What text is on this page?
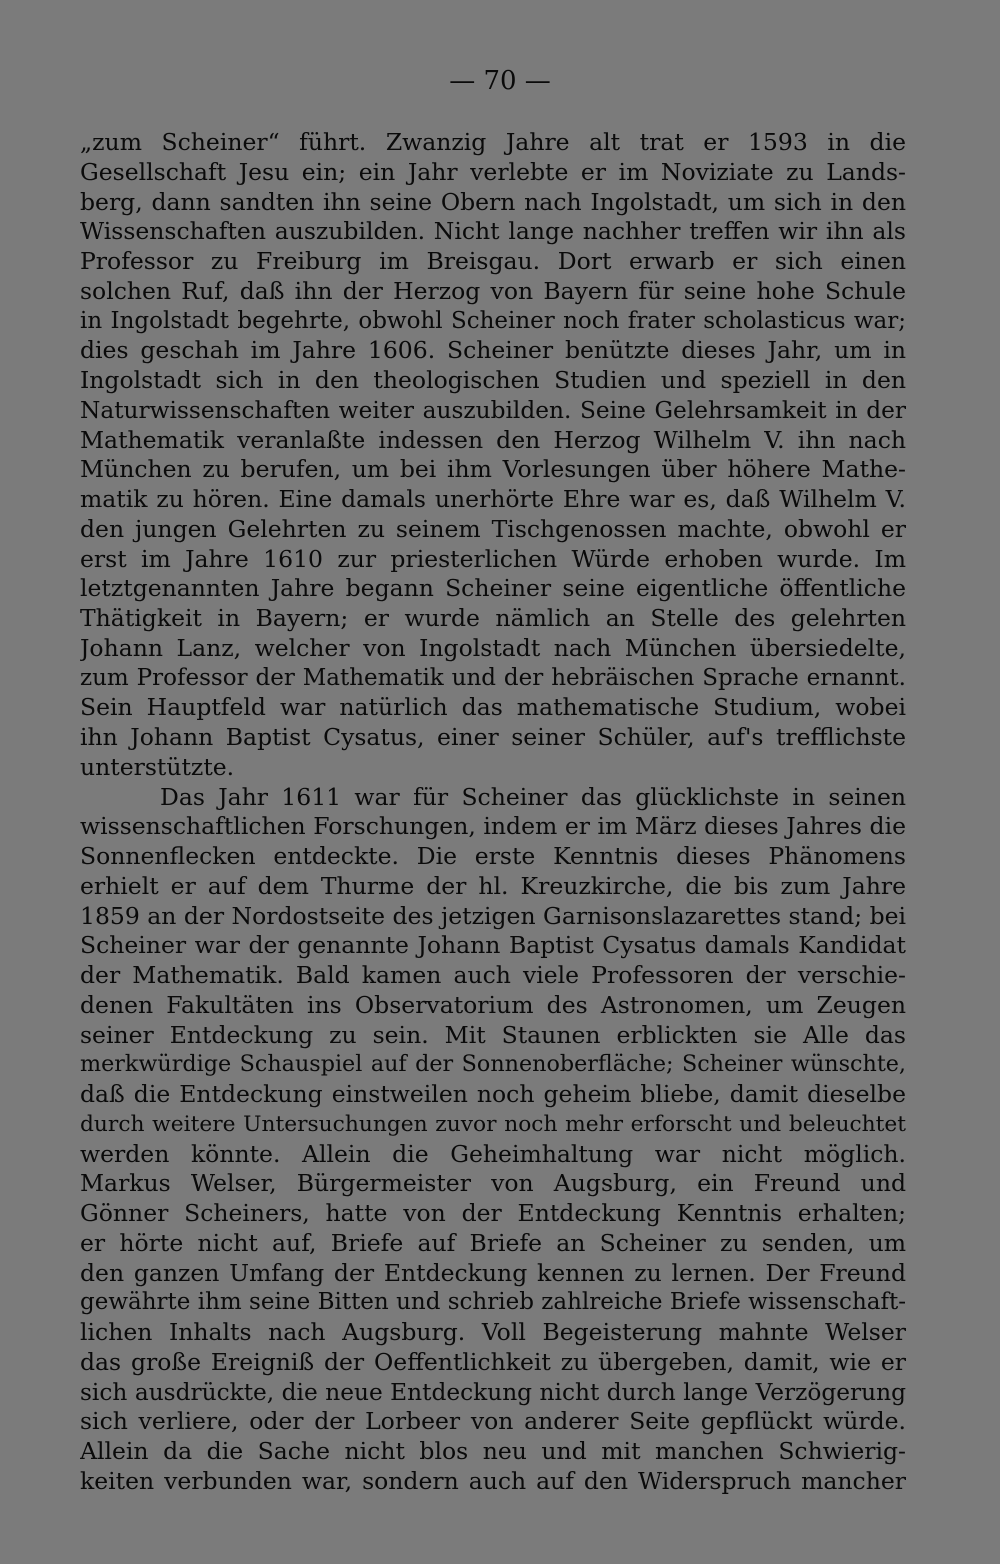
— 70 —
„zum Scheiner“ führt. Zwanzig Jahre alt trat er 1593 in die
Gesellschaft Jesu ein; ein Jahr verlebte er im Noviziate zu Lands-
berg, dann sandten ihn seine Obern nach Ingolstadt, um sich in den
Wissenschaften auszubilden. Nicht lange nachher treffen wir ihn als
Professor zu Freiburg im Breisgau. Dort erwarb er sich einen
solchen Ruf, daß ihn der Herzog von Bayern für seine hohe Schule
in Ingolstadt begehrte, obwohl Scheiner noch frater scholasticus war;
dies geschah im Jahre 1606. Scheiner benützte dieses Jahr, um in
Ingolstadt sich in den theologischen Studien und speziell in den
Naturwissenschaften weiter auszubilden. Seine Gelehrsamkeit in der
Mathematik veranlaßte indessen den Herzog Wilhelm V. ihn nach
München zu berufen, um bei ihm Vorlesungen über höhere Mathe-
matik zu hören. Eine damals unerhörte Ehre war es, daß Wilhelm V.
den jungen Gelehrten zu seinem Tischgenossen machte, obwohl er
erst im Jahre 1610 zur priesterlichen Würde erhoben wurde. Im
letztgenannten Jahre begann Scheiner seine eigentliche öffentliche
Thätigkeit in Bayern; er wurde nämlich an Stelle des gelehrten
Johann Lanz, welcher von Ingolstadt nach München übersiedelte,
zum Professor der Mathematik und der hebräischen Sprache ernannt.
Sein Hauptfeld war natürlich das mathematische Studium, wobei
ihn Johann Baptist Cysatus, einer seiner Schüler, auf's trefflichste
unterstützte.
Das Jahr 1611 war für Scheiner das glücklichste in seinen
wissenschaftlichen Forschungen, indem er im März dieses Jahres die
Sonnenflecken entdeckte. Die erste Kenntnis dieses Phänomens
erhielt er auf dem Thurme der hl. Kreuzkirche, die bis zum Jahre
1859 an der Nordostseite des jetzigen Garnisonslazarettes stand; bei
Scheiner war der genannte Johann Baptist Cysatus damals Kandidat
der Mathematik. Bald kamen auch viele Professoren der verschie-
denen Fakultäten ins Observatorium des Astronomen, um Zeugen
seiner Entdeckung zu sein. Mit Staunen erblickten sie Alle das
merkwürdige Schauspiel auf der Sonnenoberfläche; Scheiner wünschte,
daß die Entdeckung einstweilen noch geheim bliebe, damit dieselbe
durch weitere Untersuchungen zuvor noch mehr erforscht und beleuchtet
werden könnte. Allein die Geheimhaltung war nicht möglich.
Markus Welser, Bürgermeister von Augsburg, ein Freund und
Gönner Scheiners, hatte von der Entdeckung Kenntnis erhalten;
er hörte nicht auf, Briefe auf Briefe an Scheiner zu senden, um
den ganzen Umfang der Entdeckung kennen zu lernen. Der Freund
gewährte ihm seine Bitten und schrieb zahlreiche Briefe wissenschaft-
lichen Inhalts nach Augsburg. Voll Begeisterung mahnte Welser
das große Ereigniß der Oeffentlichkeit zu übergeben, damit, wie er
sich ausdrückte, die neue Entdeckung nicht durch lange Verzögerung
sich verliere, oder der Lorbeer von anderer Seite gepflückt würde.
Allein da die Sache nicht blos neu und mit manchen Schwierig-
keiten verbunden war, sondern auch auf den Widerspruch mancher
